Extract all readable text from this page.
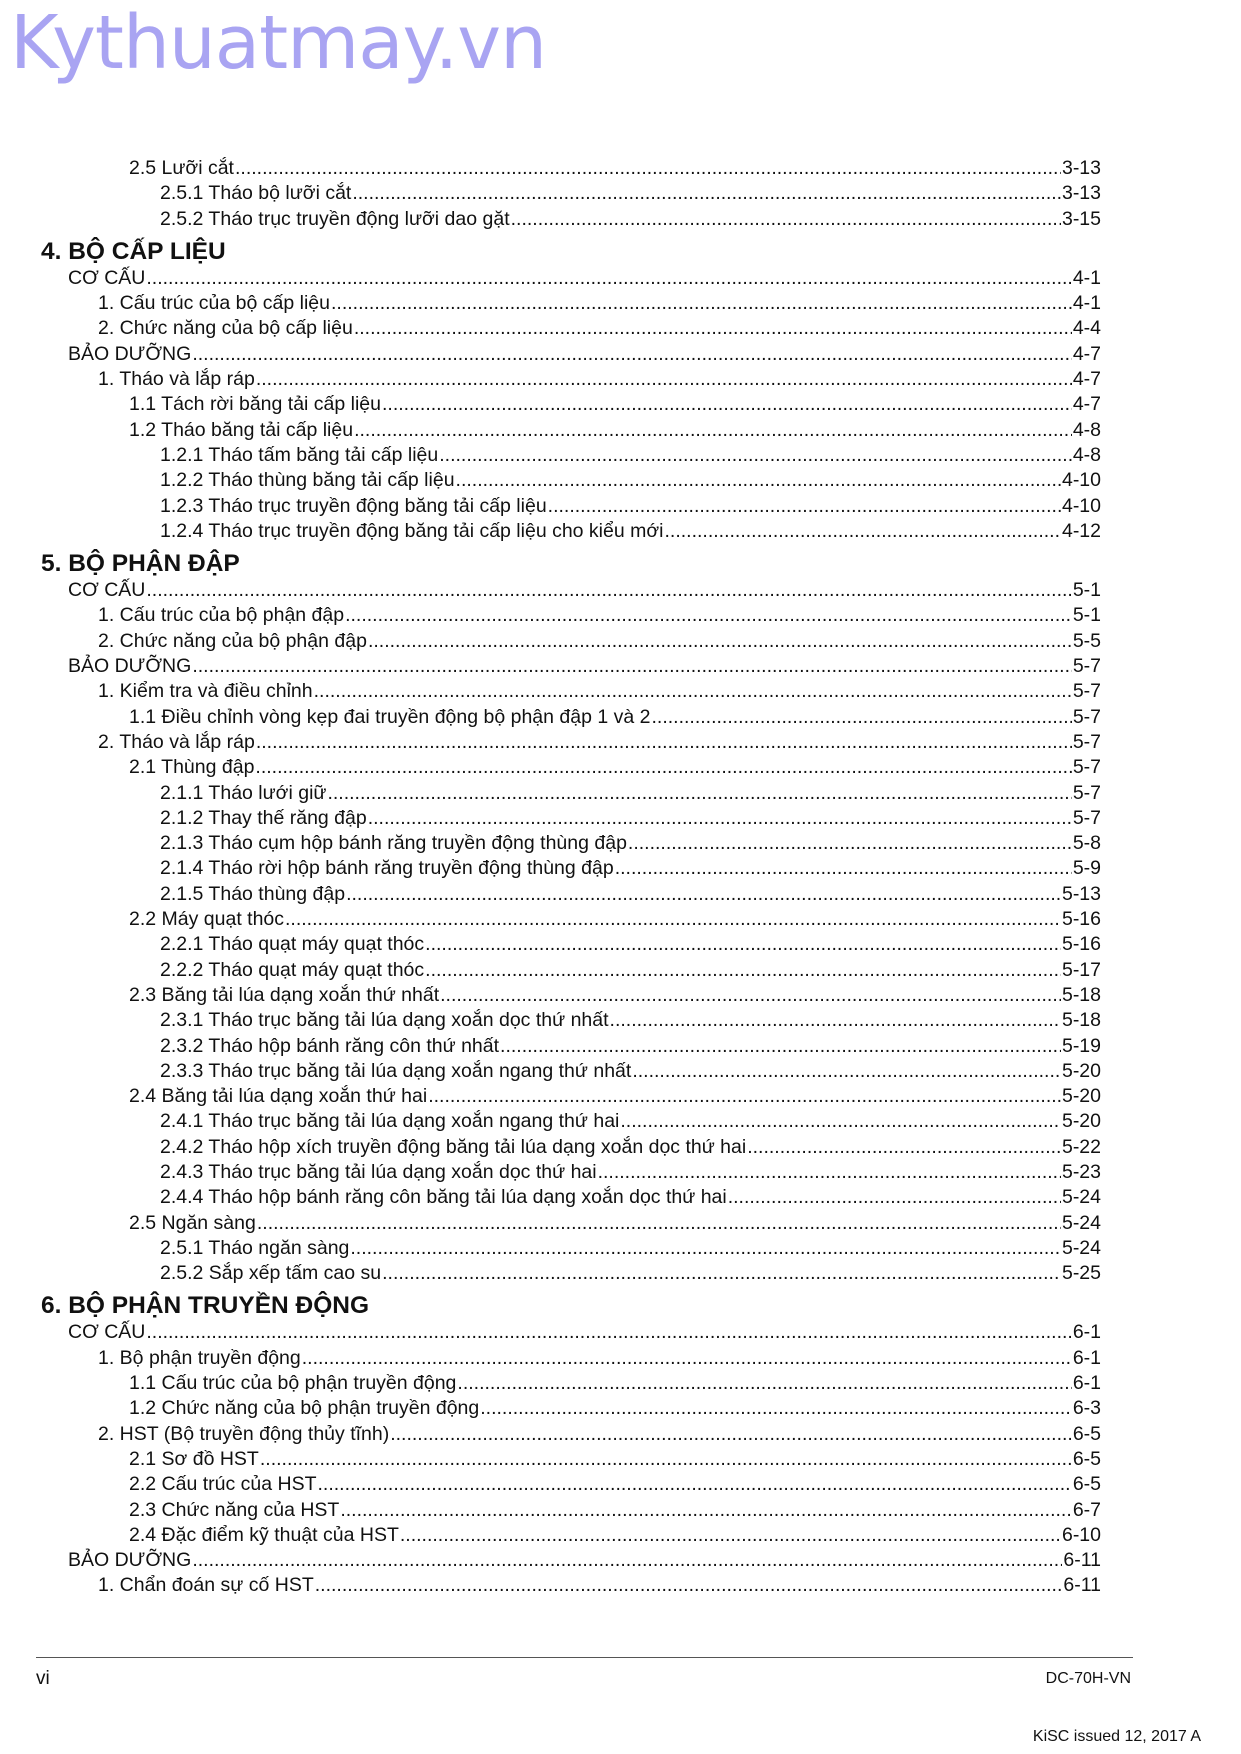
Kythuatmay.vn
2.5 Lưỡi cắt .....	3-13
2.5.1 Tháo bộ lưỡi cắt .....	3-13
2.5.2 Tháo trục truyền động lưỡi dao gặt .....	3-15
4. BỘ CẤP LIỆU
CƠ CẤU .....	4-1
1. Cấu trúc của bộ cấp liệu .....	4-1
2. Chức năng của bộ cấp liệu .....	4-4
BẢO DƯỠNG .....	4-7
1. Tháo và lắp ráp .....	4-7
1.1 Tách rời băng tải cấp liệu .....	4-7
1.2 Tháo băng tải cấp liệu .....	4-8
1.2.1 Tháo tấm băng tải cấp liệu .....	4-8
1.2.2 Tháo thùng băng tải cấp liệu .....	4-10
1.2.3 Tháo trục truyền động băng tải cấp liệu .....	4-10
1.2.4 Tháo trục truyền động băng tải cấp liệu cho kiểu mới .....	4-12
5. BỘ PHẬN ĐẬP
CƠ CẤU .....	5-1
1. Cấu trúc của bộ phận đập .....	5-1
2. Chức năng của bộ phận đập .....	5-5
BẢO DƯỠNG .....	5-7
1. Kiểm tra và điều chỉnh .....	5-7
1.1 Điều chỉnh vòng kẹp đai truyền động bộ phận đập 1 và 2 .....	5-7
2. Tháo và lắp ráp .....	5-7
2.1 Thùng đập .....	5-7
2.1.1 Tháo lưới giữ .....	5-7
2.1.2 Thay thế răng đập .....	5-7
2.1.3 Tháo cụm hộp bánh răng truyền động thùng đập .....	5-8
2.1.4 Tháo rời hộp bánh răng truyền động thùng đập .....	5-9
2.1.5 Tháo thùng đập .....	5-13
2.2 Máy quạt thóc .....	5-16
2.2.1 Tháo quạt máy quạt thóc .....	5-16
2.2.2 Tháo quạt máy quạt thóc .....	5-17
2.3 Băng tải lúa dạng xoắn thứ nhất .....	5-18
2.3.1 Tháo trục băng tải lúa dạng xoắn dọc thứ nhất .....	5-18
2.3.2 Tháo hộp bánh răng côn thứ nhất .....	5-19
2.3.3 Tháo trục băng tải lúa dạng xoắn ngang thứ nhất .....	5-20
2.4 Băng tải lúa dạng xoắn thứ hai .....	5-20
2.4.1 Tháo trục băng tải lúa dạng xoắn ngang thứ hai .....	5-20
2.4.2 Tháo hộp xích truyền động băng tải lúa dạng xoắn dọc thứ hai .....	5-22
2.4.3 Tháo trục băng tải lúa dạng xoắn dọc thứ hai .....	5-23
2.4.4 Tháo hộp bánh răng côn băng tải lúa dạng xoắn dọc thứ hai .....	5-24
2.5 Ngăn sàng .....	5-24
2.5.1 Tháo ngăn sàng .....	5-24
2.5.2 Sắp xếp tấm cao su .....	5-25
6. BỘ PHẬN TRUYỀN ĐỘNG
CƠ CẤU .....	6-1
1. Bộ phận truyền động .....	6-1
1.1 Cấu trúc của bộ phận truyền động .....	6-1
1.2 Chức năng của bộ phận truyền động .....	6-3
2. HST (Bộ truyền động thủy tĩnh) .....	6-5
2.1 Sơ đồ HST .....	6-5
2.2 Cấu trúc của HST .....	6-5
2.3 Chức năng của HST .....	6-7
2.4 Đặc điểm kỹ thuật của HST .....	6-10
BẢO DƯỠNG .....	6-11
1. Chẩn đoán sự cố HST .....	6-11
vi	DC-70H-VN
KiSC issued 12, 2017 A
